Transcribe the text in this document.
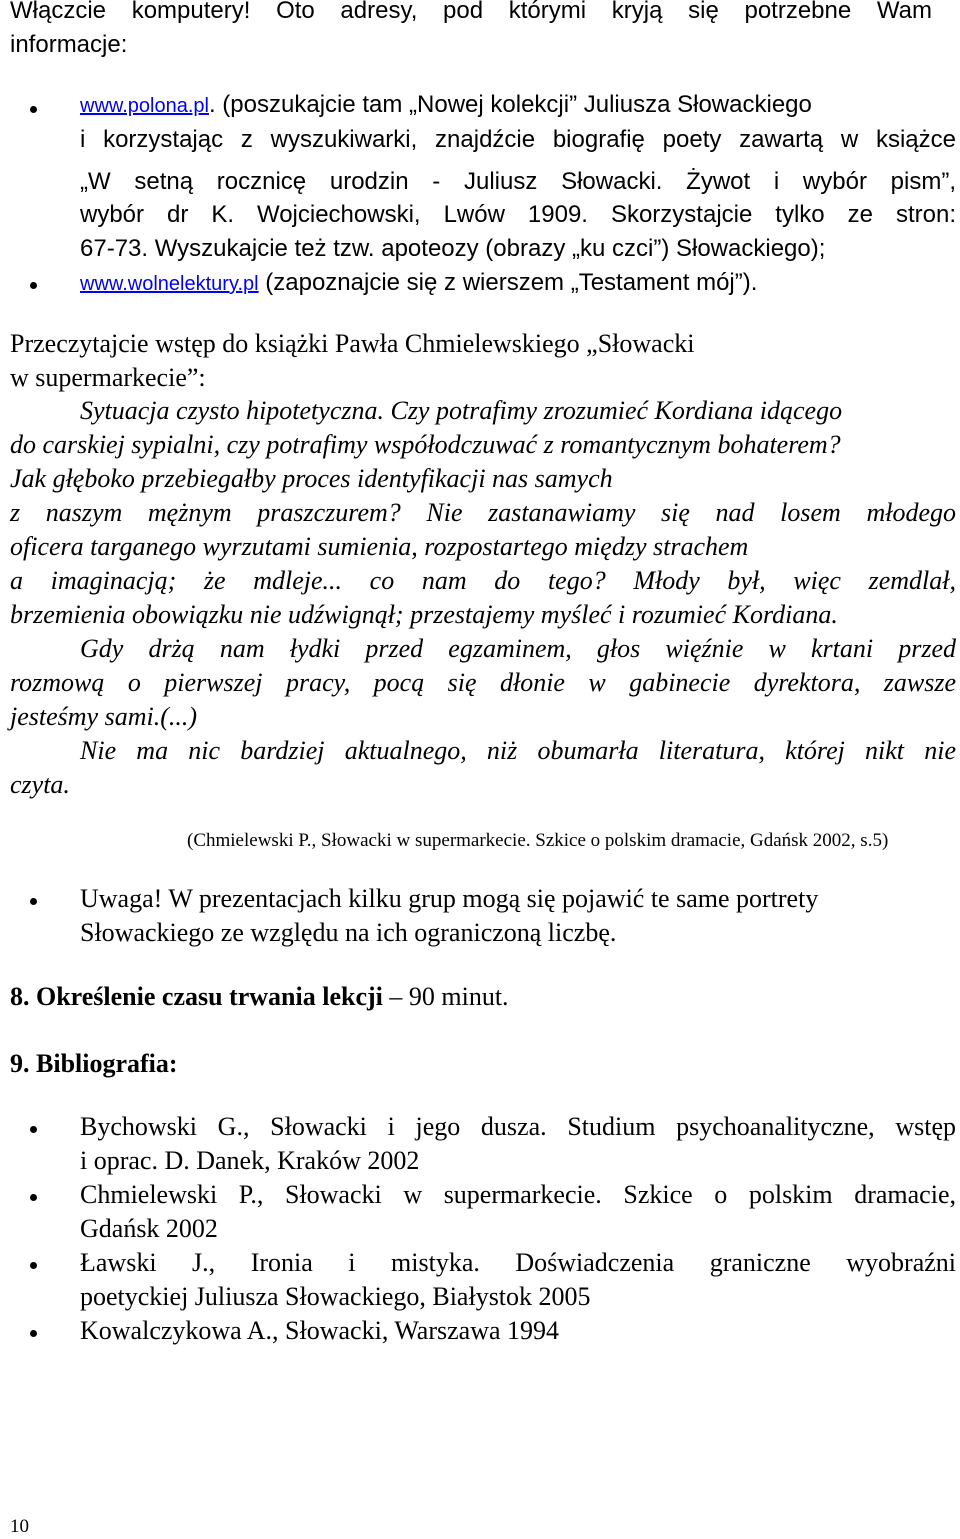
Włączcie komputery! Oto adresy, pod którymi kryją się potrzebne Wam
informacje:
www.polona.pl. (poszukajcie tam „Nowej kolekcji” Juliusza Słowackiego
i korzystając z wyszukiwarki, znajdźcie biografię poety zawartą w książce
„W setną rocznicę urodzin - Juliusz Słowacki. Żywot i wybór pism”,
wybór dr K. Wojciechowski, Lwów 1909. Skorzystajcie tylko ze stron:
67-73. Wyszukajcie też tzw. apoteozy (obrazy „ku czci”) Słowackiego);
www.wolnelektury.pl (zapoznajcie się z wierszem „Testament mój”).
Przeczytajcie wstęp do książki Pawła Chmielewskiego „Słowacki
w supermarkecie”:
Sytuacja czysto hipotetyczna. Czy potrafimy zrozumieć Kordiana idącego
do carskiej sypialni, czy potrafimy współodczuwać z romantycznym bohaterem?
Jak głęboko przebiegałby proces identyfikacji nas samych
z naszym mężnym praszczurem? Nie zastanawiamy się nad losem młodego
oficera targanego wyrzutami sumienia, rozpostartego między strachem
a imaginacją; że mdleje... co nam do tego? Młody był, więc zemdlał,
brzemienia obowiązku nie udźwignął; przestajemy myśleć i rozumieć Kordiana.
Gdy drżą nam łydki przed egzaminem, głos więźnie w krtani przed
rozmową o pierwszej pracy, pocą się dłonie w gabinecie dyrektora, zawsze
jesteśmy sami.(...)
Nie ma nic bardziej aktualnego, niż obumarła literatura, której nikt nie
czyta.
(Chmielewski P., Słowacki w supermarkecie. Szkice o polskim dramacie, Gdańsk 2002, s.5)
Uwaga! W prezentacjach kilku grup mogą się pojawić te same portrety
Słowackiego ze względu na ich ograniczoną liczbę.
8. Określenie czasu trwania lekcji – 90 minut.
9. Bibliografia:
Bychowski G., Słowacki i jego dusza. Studium psychoanalityczne, wstęp
i oprac. D. Danek, Kraków 2002
Chmielewski P., Słowacki w supermarkecie. Szkice o polskim dramacie,
Gdańsk 2002
Ławski J., Ironia i mistyka. Doświadczenia graniczne wyobraźni
poetyckiej Juliusza Słowackiego, Białystok 2005
Kowalczykowa A., Słowacki, Warszawa 1994
10
